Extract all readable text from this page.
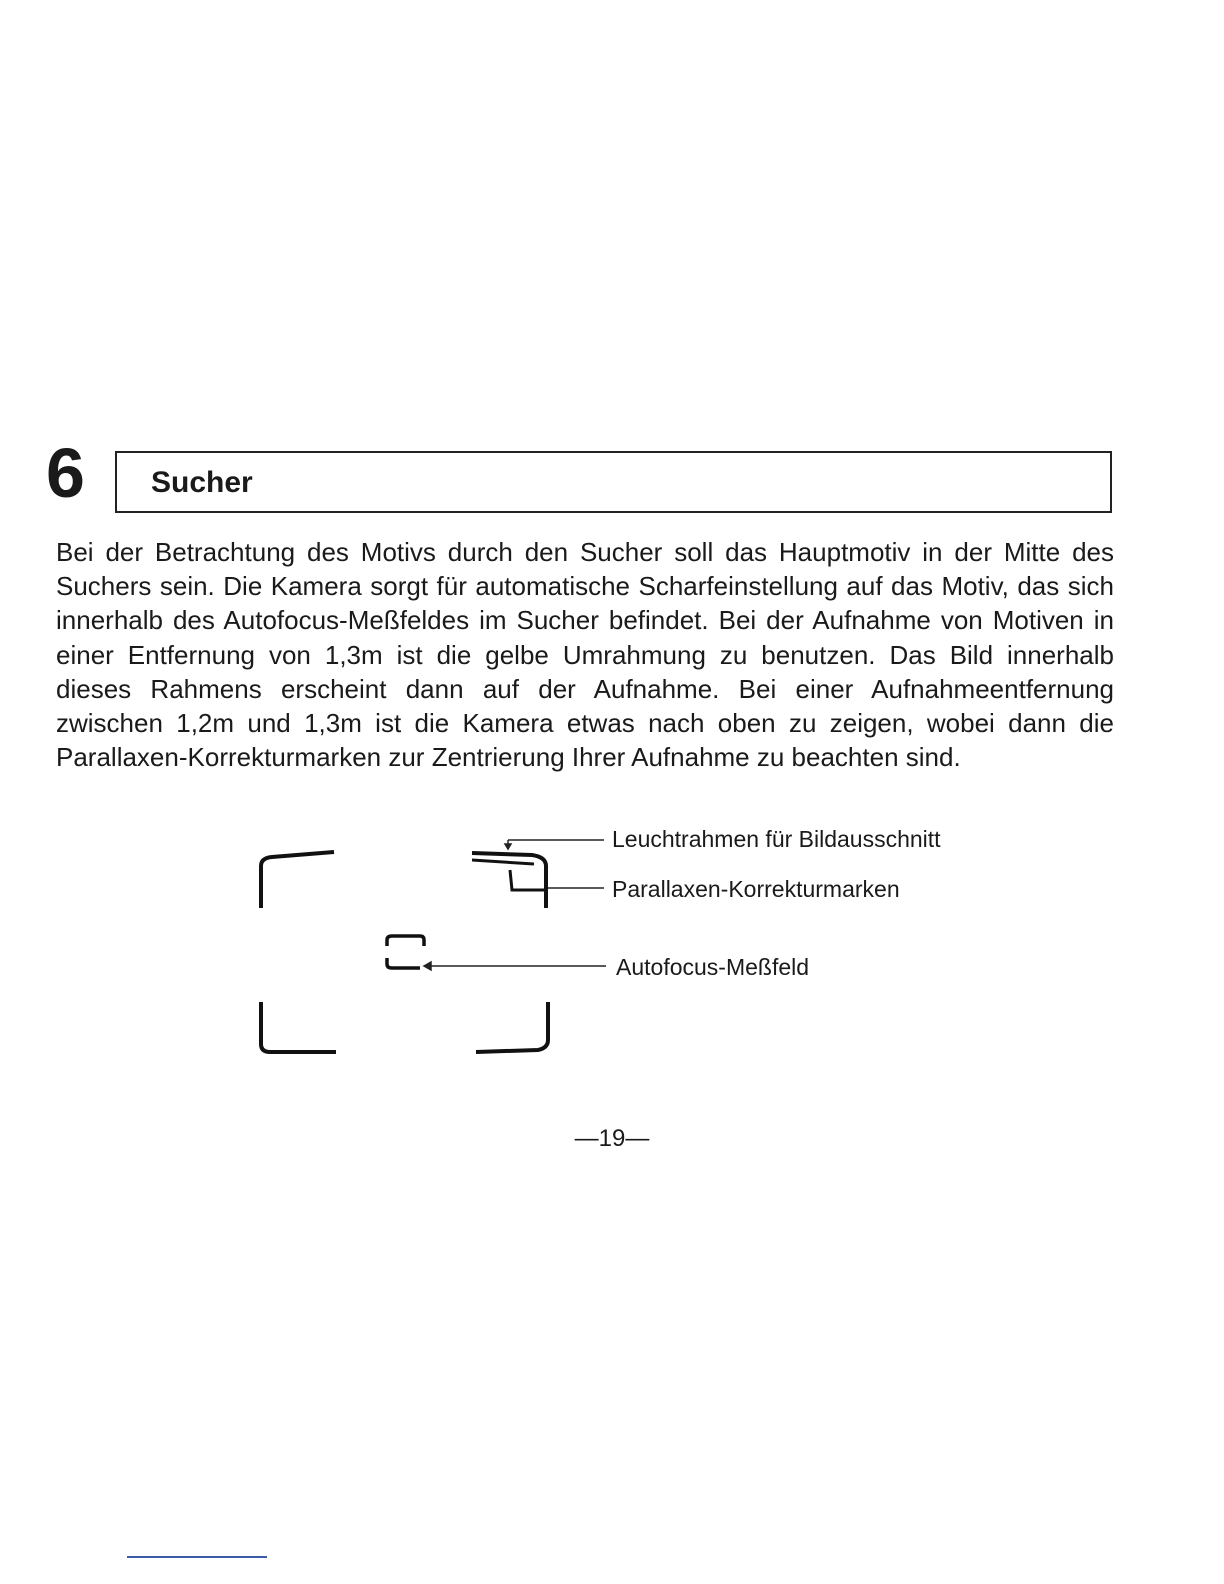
6 Sucher

Bei der Betrachtung des Motivs durch den Sucher soll das Hauptmotiv in der Mitte des Suchers sein. Die Kamera sorgt für automatische Scharfeinstellung auf das Motiv, das sich innerhalb des Autofocus-Meßfeldes im Sucher befindet. Bei der Aufnahme von Motiven in einer Entfernung von 1,3m ist die gelbe Umrahmung zu benutzen. Das Bild innerhalb dieses Rahmens erscheint dann auf der Aufnahme. Bei einer Aufnahmeentfernung zwischen 1,2m und 1,3m ist die Kamera etwas nach oben zu zeigen, wobei dann die Parallaxen-Korrekturmarken zur Zentrierung Ihrer Aufnahme zu beachten sind.

Leuchtrahmen für Bildausschnitt
Parallaxen-Korrekturmarken
Autofocus-Meßfeld
—19—
